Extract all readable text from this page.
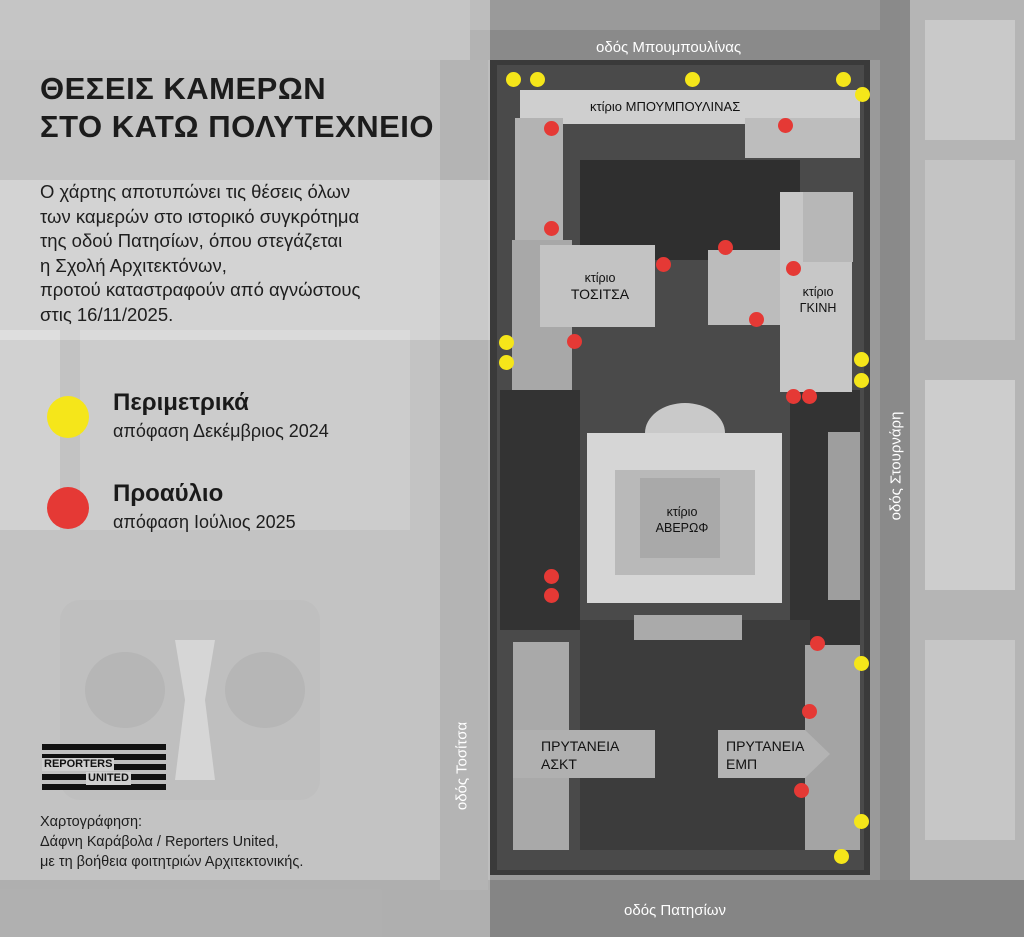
ΘΕΣΕΙΣ ΚΑΜΕΡΩΝ
ΣΤΟ ΚΑΤΩ ΠΟΛΥΤΕΧΝΕΙΟ
Ο χάρτης αποτυπώνει τις θέσεις όλων
των καμερών στο ιστορικό συγκρότημα
της οδού Πατησίων, όπου στεγάζεται
η Σχολή Αρχιτεκτόνων,
προτού καταστραφούν από αγνώστους
στις 16/11/2025.
Περιμετρικά
απόφαση Δεκέμβριος 2024
Προαύλιο
απόφαση Ιούλιος 2025
οδός Μπουμπουλίνας
οδός Πατησίων
οδός Στουρνάρη
οδός Τοσίτσα
κτίριο ΜΠΟΥΜΠΟΥΛΙΝΑΣ
κτίριο
ΤΟΣΙΤΣΑ	κτίριο
ΓΚΙΝΗ
κτίριο
ΑΒΕΡΩΦ
ΠΡΥΤΑΝΕΙΑ
ΑΣΚΤ
ΠΡΥΤΑΝΕΙΑ
ΕΜΠ
REPORTERS
UNITED
Χαρτογράφηση:
Δάφνη Καράβολα / Reporters United,
με τη βοήθεια φοιτητριών Αρχιτεκτονικής.
